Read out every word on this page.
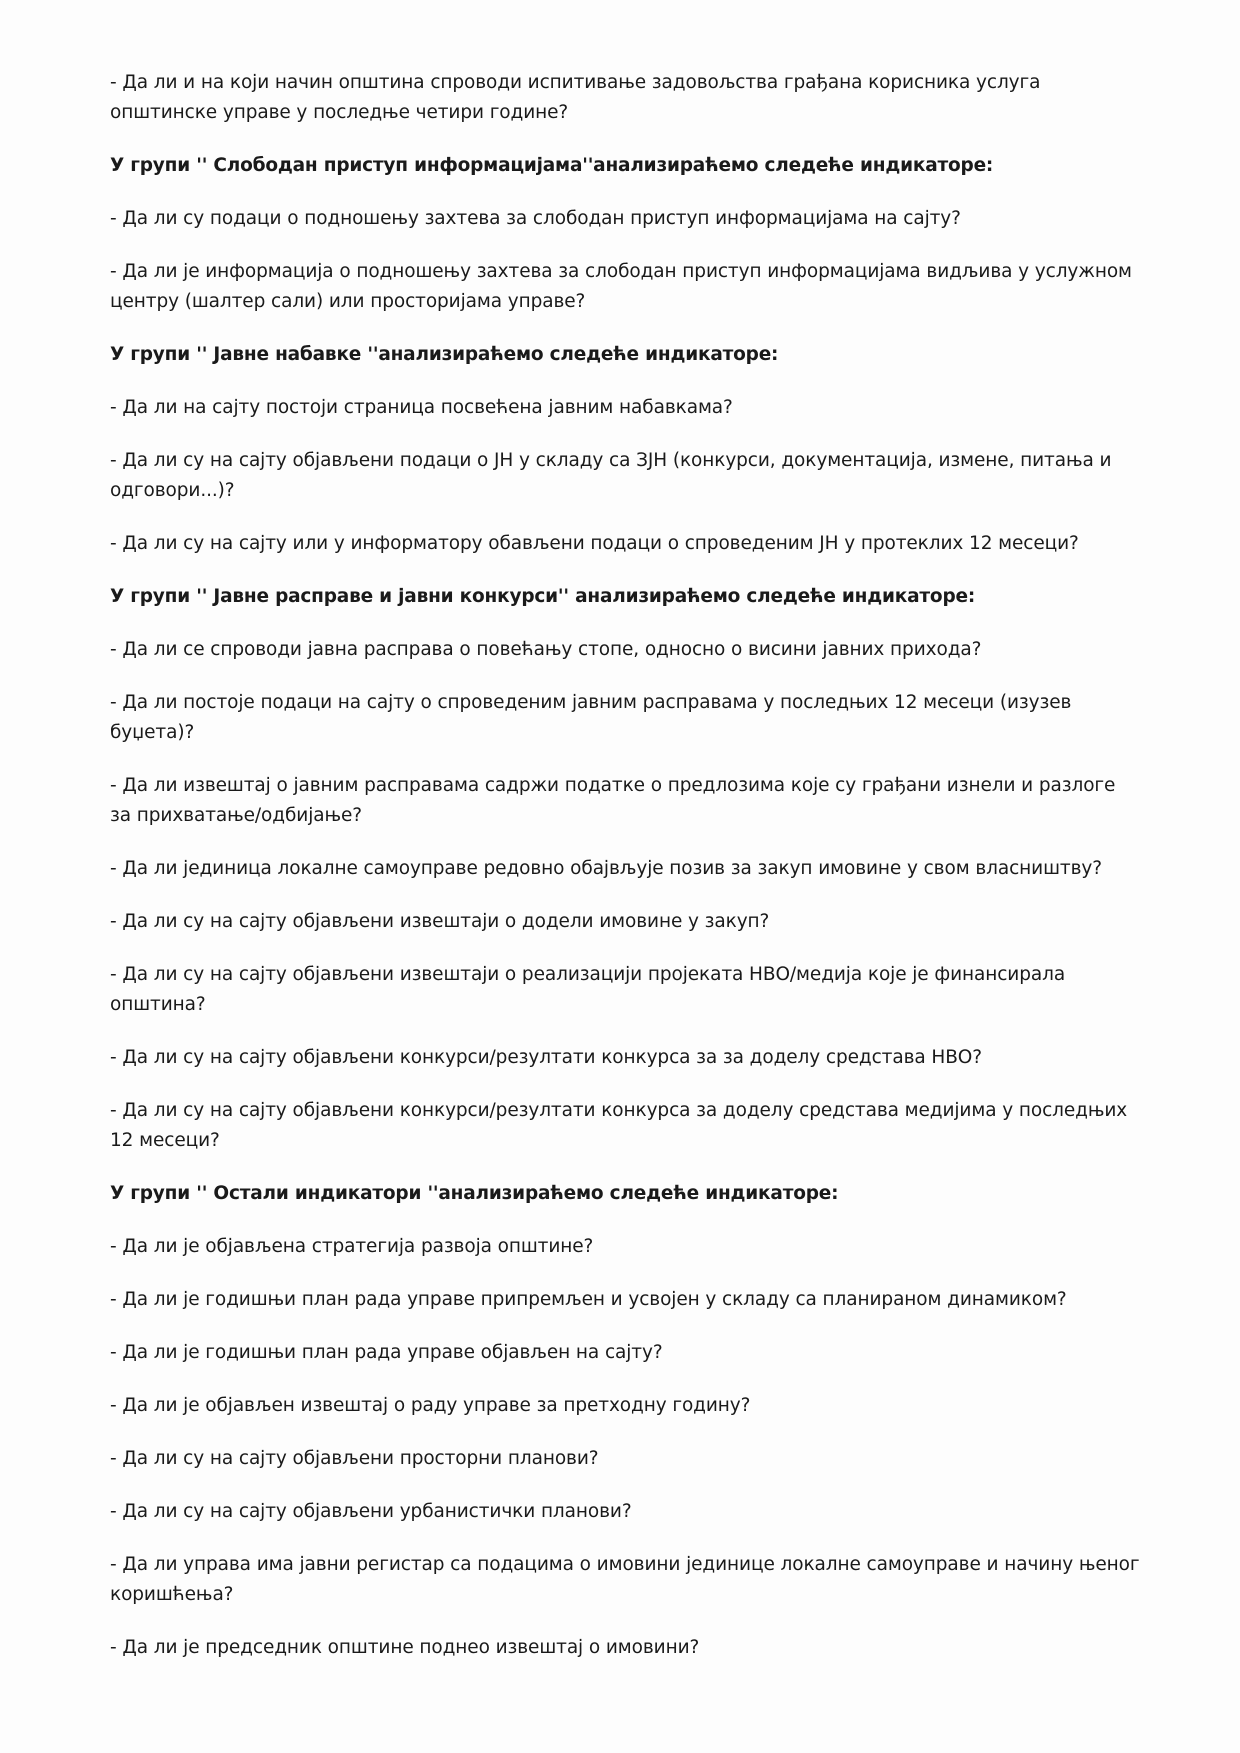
- Да ли и на који начин општина спроводи испитивање задовољства грађана корисника услуга општинске управе у последње четири године?

У групи '' Слободан приступ информацијама''анализираћемо следеће индикаторе:

- Да ли су подаци о подношењу захтева за слободан приступ информацијама на сајту?

- Да ли је информација о подношењу захтева за слободан приступ информацијама видљива у услужном центру (шалтер сали) или просторијама управе?

У групи '' Јавне набавке ''анализираћемо следеће индикаторе:

- Да ли на сајту постоји страница посвећена јавним набавкама?

- Да ли су на сајту објављени подаци о ЈН у складу са ЗЈН (конкурси, документација, измене, питања и одговори...)?

- Да ли су на сајту или у информатору обављени подаци о спроведеним ЈН у протеклих 12 месеци?

У групи '' Јавне расправе и јавни конкурси'' анализираћемо следеће индикаторе:

- Да ли се спроводи јавна расправа о повећању стопе, односно о висини јавних прихода?

- Да ли постоје подаци на сајту о спроведеним јавним расправама у последњих 12 месеци (изузев буџета)?

- Да ли извештај о јавним расправама садржи податке о предлозима које су грађани изнели и разлоге за прихватање/одбијање?

- Да ли јединица локалне самоуправе редовно обајвљује позив за закуп имовине у свом власништву?

- Да ли су на сајту објављени извештаји о додели имовине у закуп?

- Да ли су на сајту објављени извештаји о реализацији пројеката НВО/медија које је финансирала општина?

- Да ли су на сајту објављени конкурси/резултати конкурса за за доделу средстава НВО?

- Да ли су на сајту објављени конкурси/резултати конкурса за доделу средстава медијима у последњих 12 месеци?

У групи '' Остали индикатори ''анализираћемо следеће индикаторе:

- Да ли је објављена стратегија развоја општине?

- Да ли је годишњи план рада управе припремљен и усвојен у складу са планираном динамиком?

- Да ли је годишњи план рада управе објављен на сајту?

- Да ли је објављен извештај о раду управе за претходну годину?

- Да ли су на сајту објављени просторни планови?

- Да ли су на сајту објављени урбанистички планови?

- Да ли управа има јавни регистар са подацима о имовини јединице локалне самоуправе и начину њеног коришћења?

- Да ли је председник општине поднео извештај о имовини?
